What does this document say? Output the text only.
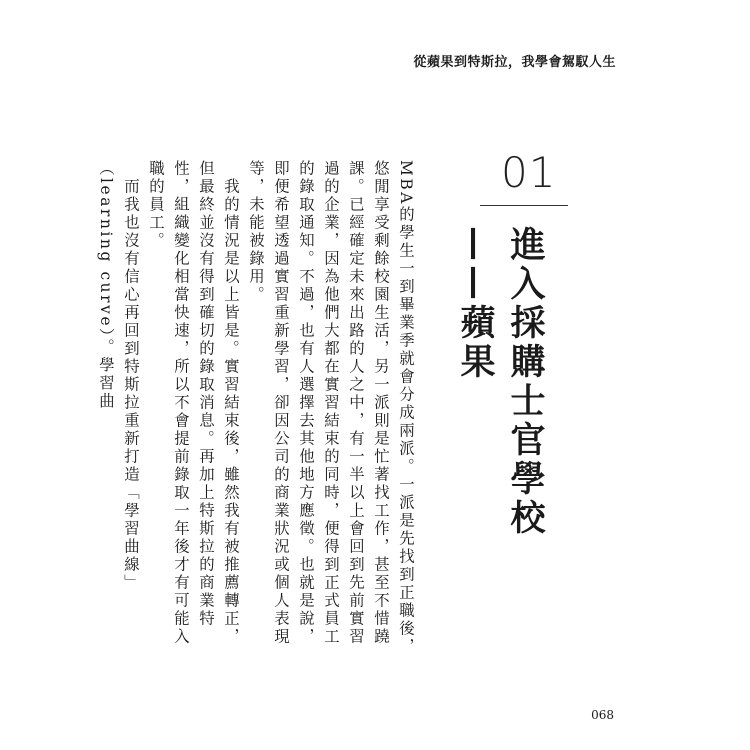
從蘋果到特斯拉，我學會駕馭人生
01
進入採購士官學校
——蘋果

MBA的學生一到畢業季就會分成兩派。一派是先找到正職後，悠閒享受剩餘校園生活，另一派則是忙著找工作，甚至不惜蹺課。已經確定未來出路的人之中，有一半以上會回到先前實習過的企業，因為他們大都在實習結束的同時，便得到正式員工的錄取通知。不過，也有人選擇去其他地方應徵。也就是說，即便希望透過實習重新學習，卻因公司的商業狀況或個人表現等，未能被錄用。

我的情況是以上皆是。實習結束後，雖然我有被推薦轉正，但最終並沒有得到確切的錄取消息。再加上特斯拉的商業特性，組織變化相當快速，所以不會提前錄取一年後才有可能入職的員工。

而我也沒有信心再回到特斯拉重新打造「學習曲線」（learning curve）。學習曲

068
